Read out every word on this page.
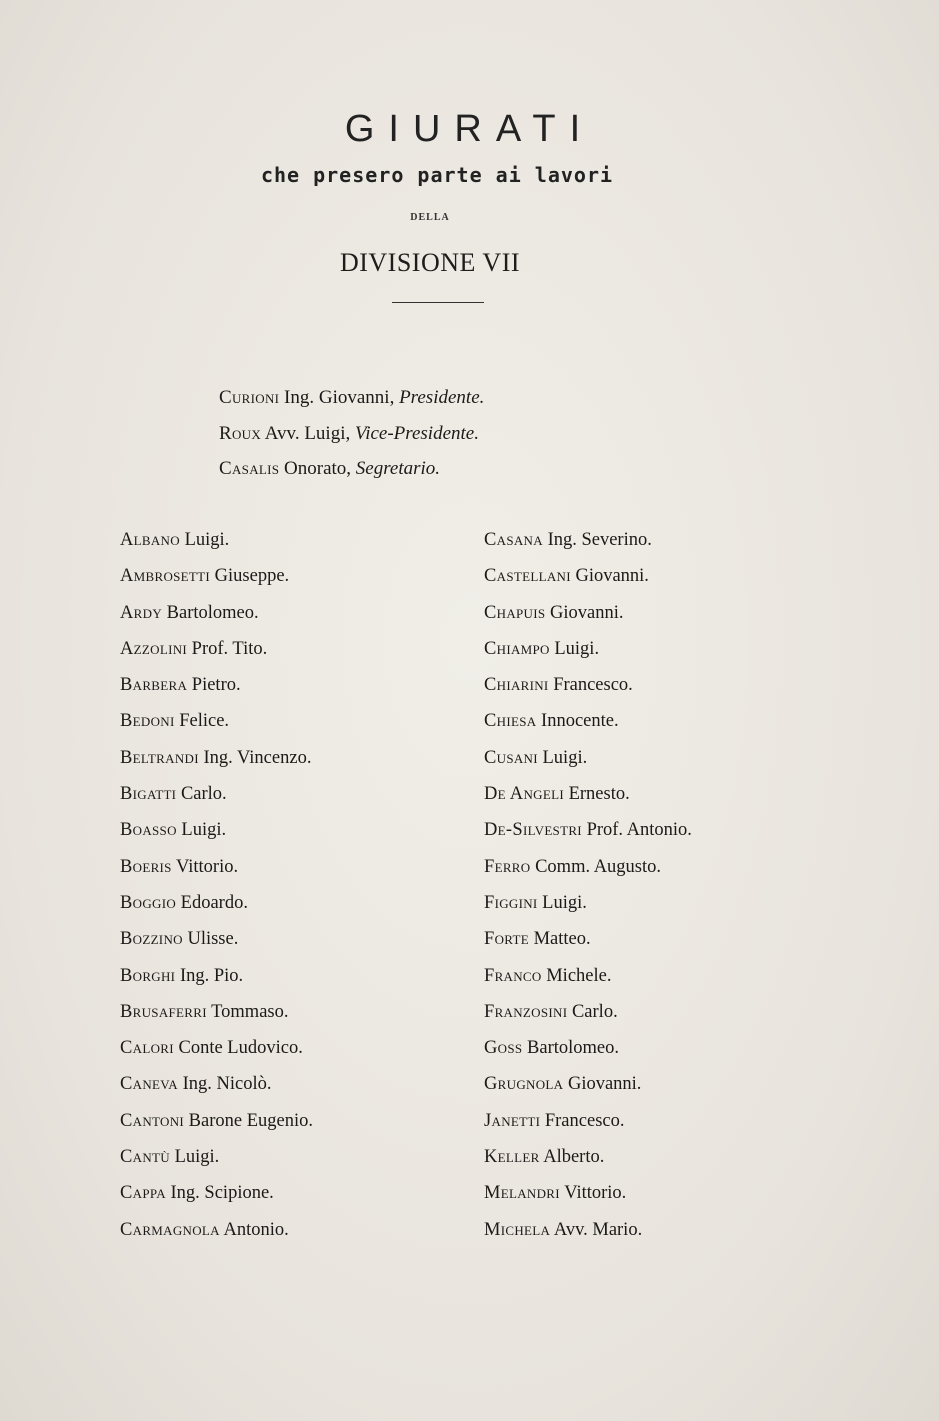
GIURATI
che presero parte ai lavori
DELLA
DIVISIONE VII
Curioni Ing. Giovanni, Presidente.
Roux Avv. Luigi, Vice-Presidente.
Casalis Onorato, Segretario.
Albano Luigi.
Ambrosetti Giuseppe.
Ardy Bartolomeo.
Azzolini Prof. Tito.
Barbera Pietro.
Bedoni Felice.
Beltrandi Ing. Vincenzo.
Bigatti Carlo.
Boasso Luigi.
Boeris Vittorio.
Boggio Edoardo.
Bozzino Ulisse.
Borghi Ing. Pio.
Brusaferri Tommaso.
Calori Conte Ludovico.
Caneva Ing. Nicolò.
Cantoni Barone Eugenio.
Cantù Luigi.
Cappa Ing. Scipione.
Carmagnola Antonio.
Casana Ing. Severino.
Castellani Giovanni.
Chapuis Giovanni.
Chiampo Luigi.
Chiarini Francesco.
Chiesa Innocente.
Cusani Luigi.
De Angeli Ernesto.
De-Silvestri Prof. Antonio.
Ferro Comm. Augusto.
Figgini Luigi.
Forte Matteo.
Franco Michele.
Franzosini Carlo.
Goss Bartolomeo.
Grugnola Giovanni.
Janetti Francesco.
Keller Alberto.
Melandri Vittorio.
Michela Avv. Mario.
